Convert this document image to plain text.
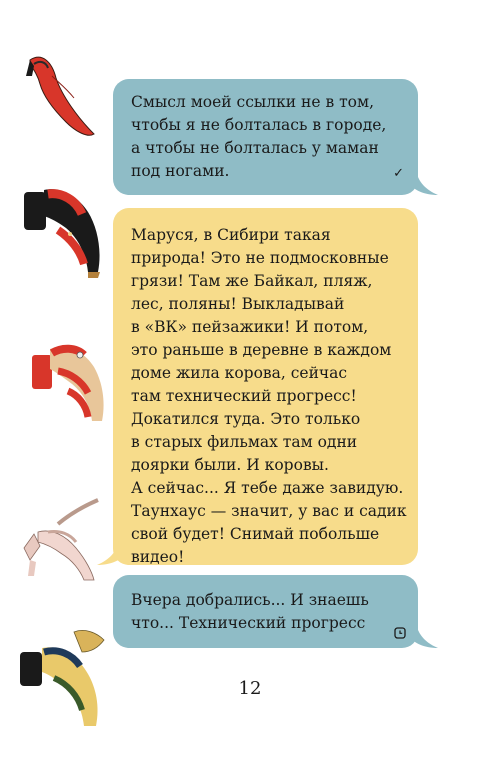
Смысл моей ссылки не в том,
чтобы я не болталась в городе,
а чтобы не болталась у маман
под ногами.	✓
Маруся, в Сибири такая
природа! Это не подмосковные
грязи! Там же Байкал, пляж,
лес, поляны! Выкладывай
в «ВК» пейзажики! И потом,
это раньше в деревне в каждом
доме жила корова, сейчас
там технический прогресс!
Докатился туда. Это только
в старых фильмах там одни
доярки были. И коровы.
А сейчас... Я тебе даже завидую.
Таунхаус — значит, у вас и садик
свой будет! Снимай побольше
видео!
Вчера добрались... И знаешь
что... Технический прогресс
12
